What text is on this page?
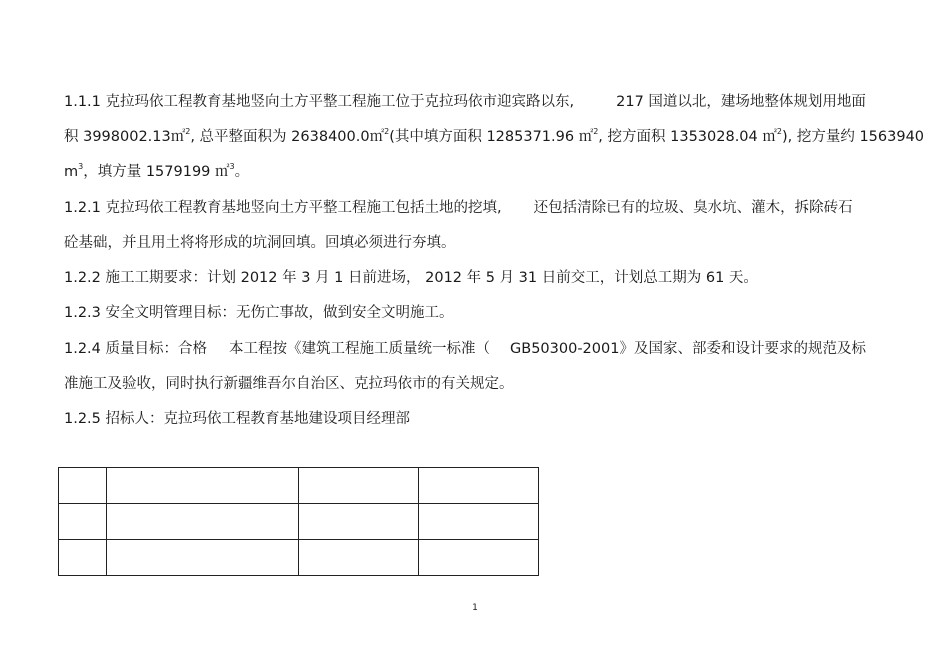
1.1.1 克拉玛依工程教育基地竖向土方平整工程施工位于克拉玛依市迎宾路以东,	217 国道以北，建场地整体规划用地面
积 3998002.13㎡$^2$, 总平整面积为 2638400.0㎡$^2$(其中填方面积 1285371.96 ㎡$^2$, 挖方面积 1353028.04 ㎡$^2$), 挖方量约 1563940
$m^3$，填方量 1579199 ㎡$^3$。
1.2.1 克拉玛依工程教育基地竖向土方平整工程施工包括土地的挖填, 还包括清除已有的垃圾、臭水坑、灌木，拆除砖石
砼基础，并且用土将将形成的坑洞回填。回填必须进行夯填。
1.2.2 施工工期要求：计划 2012 年 3 月 1 日前进场， 2012 年 5 月 31 日前交工，计划总工期为 61 天。
1.2.3 安全文明管理目标：无伤亡事故，做到安全文明施工。
1.2.4 质量目标：合格 本工程按《建筑工程施工质量统一标准（ GB50300-2001》及国家、部委和设计要求的规范及标
准施工及验收，同时执行新疆维吾尔自治区、克拉玛依市的有关规定。
1.2.5 招标人：克拉玛依工程教育基地建设项目经理部

1
